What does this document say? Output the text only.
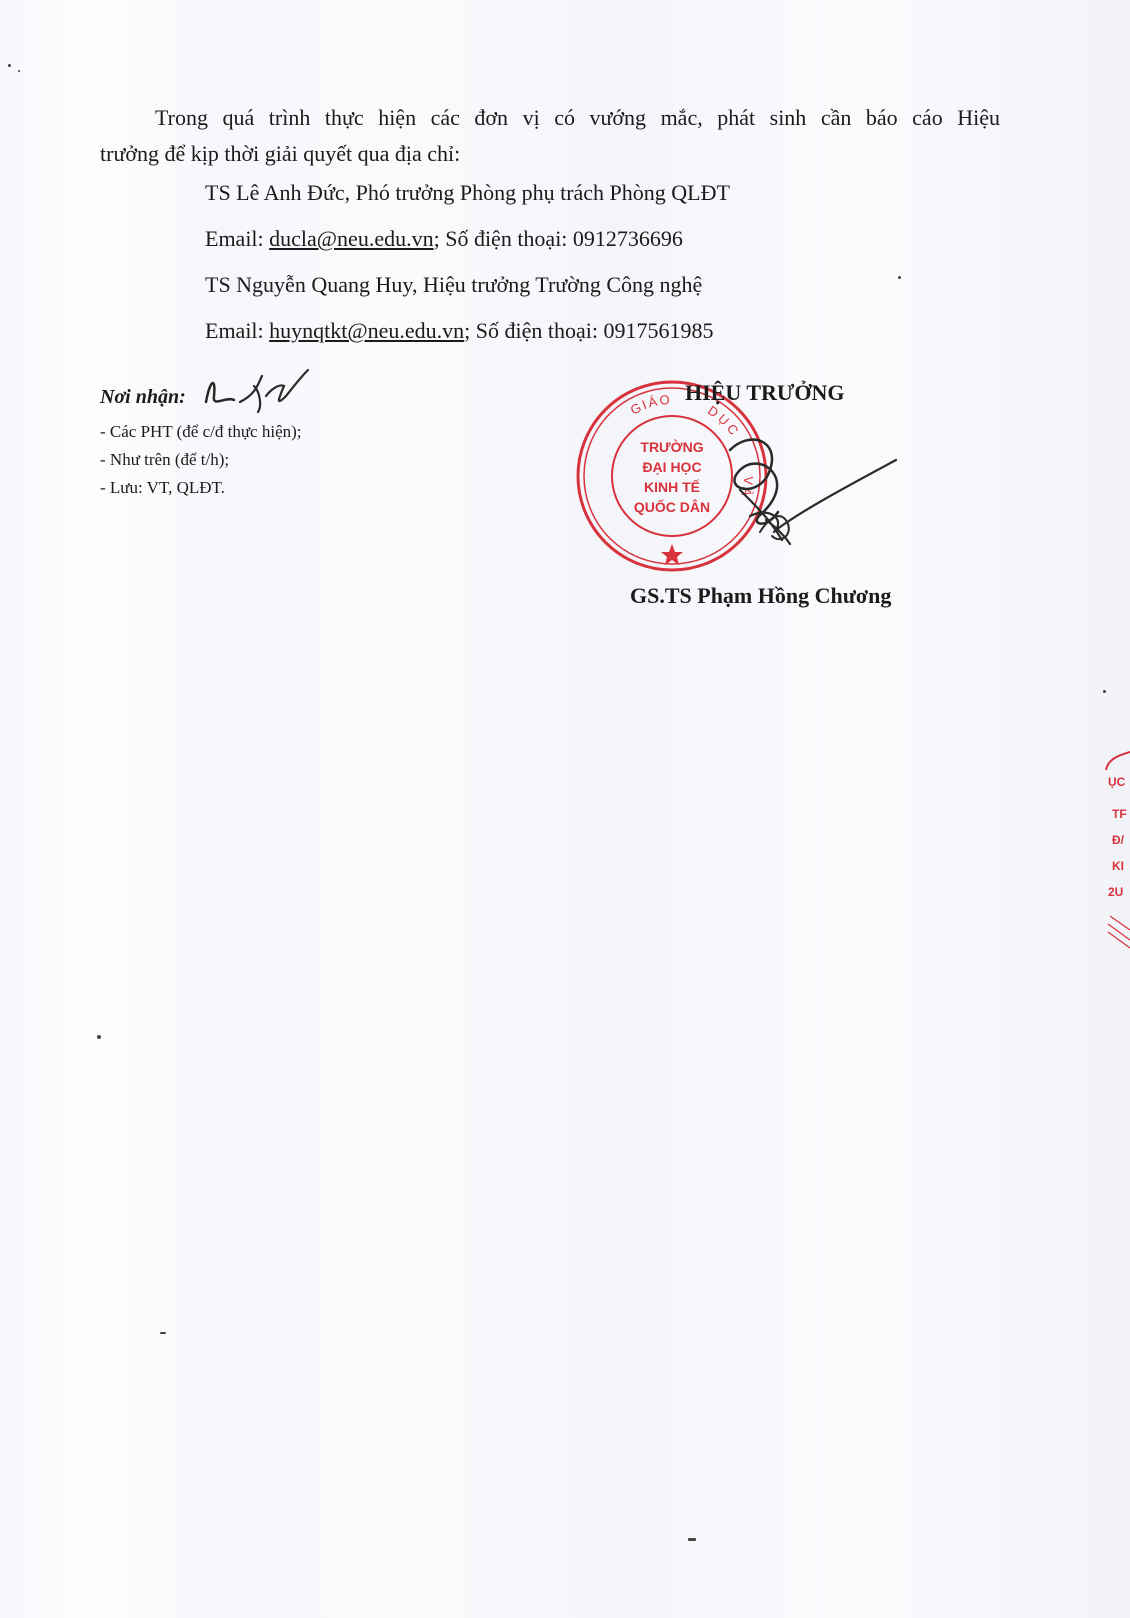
Trong quá trình thực hiện các đơn vị có vướng mắc, phát sinh cần báo cáo Hiệu
trưởng để kịp thời giải quyết qua địa chỉ:
TS Lê Anh Đức, Phó trưởng Phòng phụ trách Phòng QLĐT
Email: ducla@neu.edu.vn; Số điện thoại: 0912736696
TS Nguyễn Quang Huy, Hiệu trưởng Trường Công nghệ
Email: huynqtkt@neu.edu.vn; Số điện thoại: 0917561985
Nơi nhận:
- Các PHT (để c/đ thực hiện);
- Như trên (để t/h);
- Lưu: VT, QLĐT.
GIÁO
DỤC
VÀ
TRƯỜNG
ĐẠI HỌC
KINH TẾ
QUỐC DÂN
HIỆU TRƯỞNG
GS.TS Phạm Hồng Chương
ỤC
TF
Đ/
KI
2U
